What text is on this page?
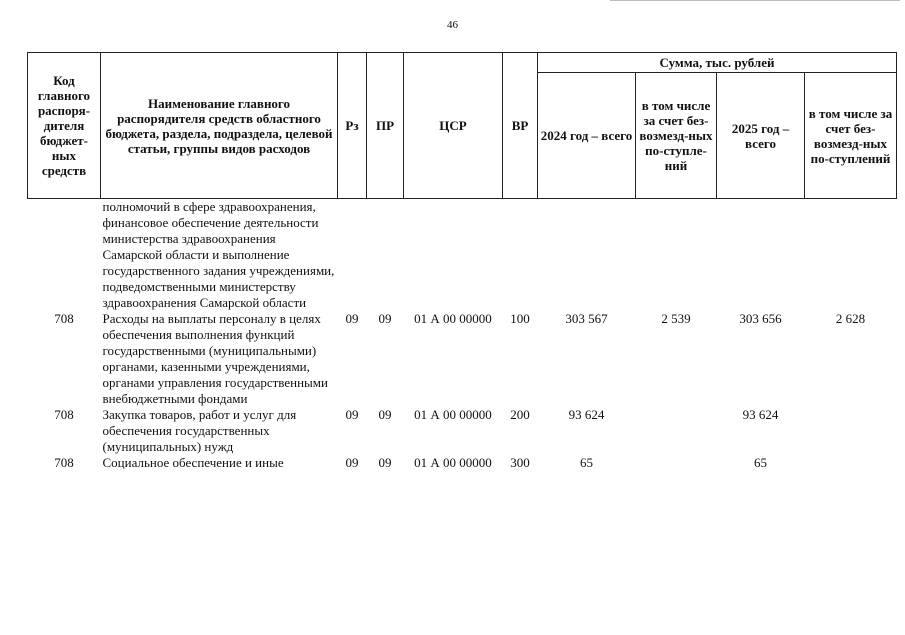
46
Код главного распоря-дителя бюджет-ных средств	Наименование главного распорядителя средств областного бюджета, раздела, подраздела, целевой статьи, группы видов расходов	Рз	ПР	ЦСР	ВР	Сумма, тыс. рублей			
						2024 год – всего	в том числе за счет без-возмезд-ных по-ступле-ний	2025 год – всего	в том числе за счет без-возмезд-ных по-ступлений
	полномочий в сфере здравоохранения, финансовое обеспечение деятельности министерства здравоохранения Самарской области и выполнение государственного задания учреждениями, подведомственными министерству здравоохранения Самарской области								
708	Расходы на выплаты персоналу в целях обеспечения выполнения функций государственными (муниципальными) органами, казенными учреждениями, органами управления государственными внебюджетными фондами	09	09	01 А 00 00000	100	303 567	2 539	303 656	2 628
708	Закупка товаров, работ и услуг для обеспечения государственных (муниципальных) нужд	09	09	01 А 00 00000	200	93 624		93 624	
708	Социальное обеспечение и иные	09	09	01 А 00 00000	300	65		65	
